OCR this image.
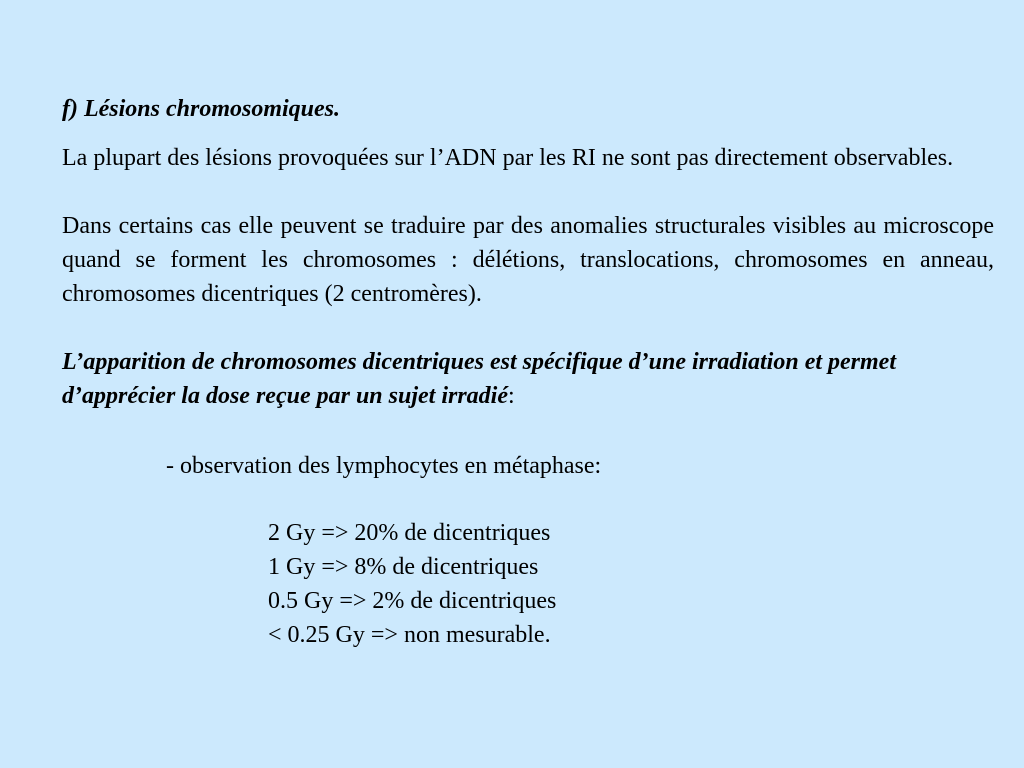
f) Lésions chromosomiques.
La plupart des lésions provoquées sur l’ADN par les RI ne sont pas directement observables.
Dans certains cas elle peuvent se traduire par des anomalies structurales visibles au microscope quand se forment les chromosomes : délétions, translocations, chromosomes en anneau, chromosomes dicentriques (2 centromères).
L’apparition de chromosomes dicentriques est spécifique d’une irradiation et permet d’apprécier la dose reçue par un sujet irradié:
- observation des lymphocytes en métaphase:
2 Gy => 20% de dicentriques
1 Gy => 8% de dicentriques
0.5 Gy => 2% de dicentriques
< 0.25 Gy => non mesurable.
